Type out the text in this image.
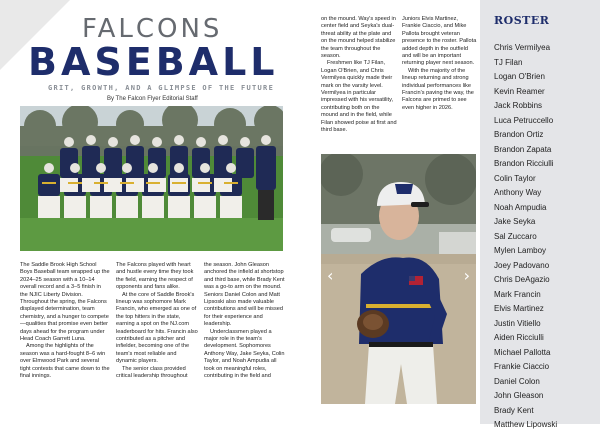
FALCONS
BASEBALL
GRIT, GROWTH, AND A GLIMPSE OF THE FUTURE
By The Falcon Flyer Editorial Staff

The Saddle Brook High School Boys Baseball team wrapped up the 2024–25 season with a 10–14 overall record and a 3–5 finish in the NJIC Liberty Division. Throughout the spring, the Falcons displayed determination, team chemistry, and a hunger to compete—qualities that promise even better days ahead for the program under Head Coach Garrett Luna.

Among the highlights of the season was a hard-fought 8–6 win over Elmwood Park and several tight contests that came down to the final innings.

The Falcons played with heart and hustle every time they took the field, earning the respect of opponents and fans alike.

At the core of Saddle Brook's lineup was sophomore Mark Francin, who emerged as one of the top hitters in the state, earning a spot on the NJ.com leaderboard for hits. Francin also contributed as a pitcher and infielder, becoming one of the team's most reliable and dynamic players.

The senior class provided critical leadership throughout

the season. John Gleason anchored the infield at shortstop and third base, while Brady Kent was a go-to arm on the mound. Seniors Daniel Colon and Matt Lipsoski also made valuable contributions and will be missed for their experience and leadership.

Underclassmen played a major role in the team's development. Sophomores Anthony Way, Jake Seyka, Colin Taylor, and Noah Ampudia all took on meaningful roles, contributing in the field and

on the mound. Way's speed in center field and Seyka's dual-threat ability at the plate and on the mound helped stabilize the team throughout the season.

Freshmen like TJ Filan, Logan O'Brien, and Chris Vermilyea quickly made their mark on the varsity level. Vermilyea in particular impressed with his versatility, contributing both on the mound and in the field, while Filan showed poise at first and third base.

Juniors Elvis Martinez, Frankie Ciaccio, and Mike Pallota brought veteran presence to the roster. Pallota added depth in the outfield and will be an important returning player next season.

With the majority of the lineup returning and strong individual performances like Francin's paving the way, the Falcons are primed to see even higher in 2026.

‹	›
ROSTER
Chris Vermilyea
TJ Filan
Logan O'Brien
Kevin Reamer
Jack Robbins
Luca Petruccello
Brandon Ortiz
Brandon Zapata
Brandon Ricciulli
Colin Taylor
Anthony Way
Noah Ampudia
Jake Seyka
Sal Zuccaro
Mylen Lamboy
Joey Padovano
Chris DeAgazio
Mark Francin
Elvis Martinez
Justin Vitiello
Aiden Ricciulli
Michael Pallotta
Frankie Ciaccio
Daniel Colon
John Gleason
Brady Kent
Matthew Lipowski
